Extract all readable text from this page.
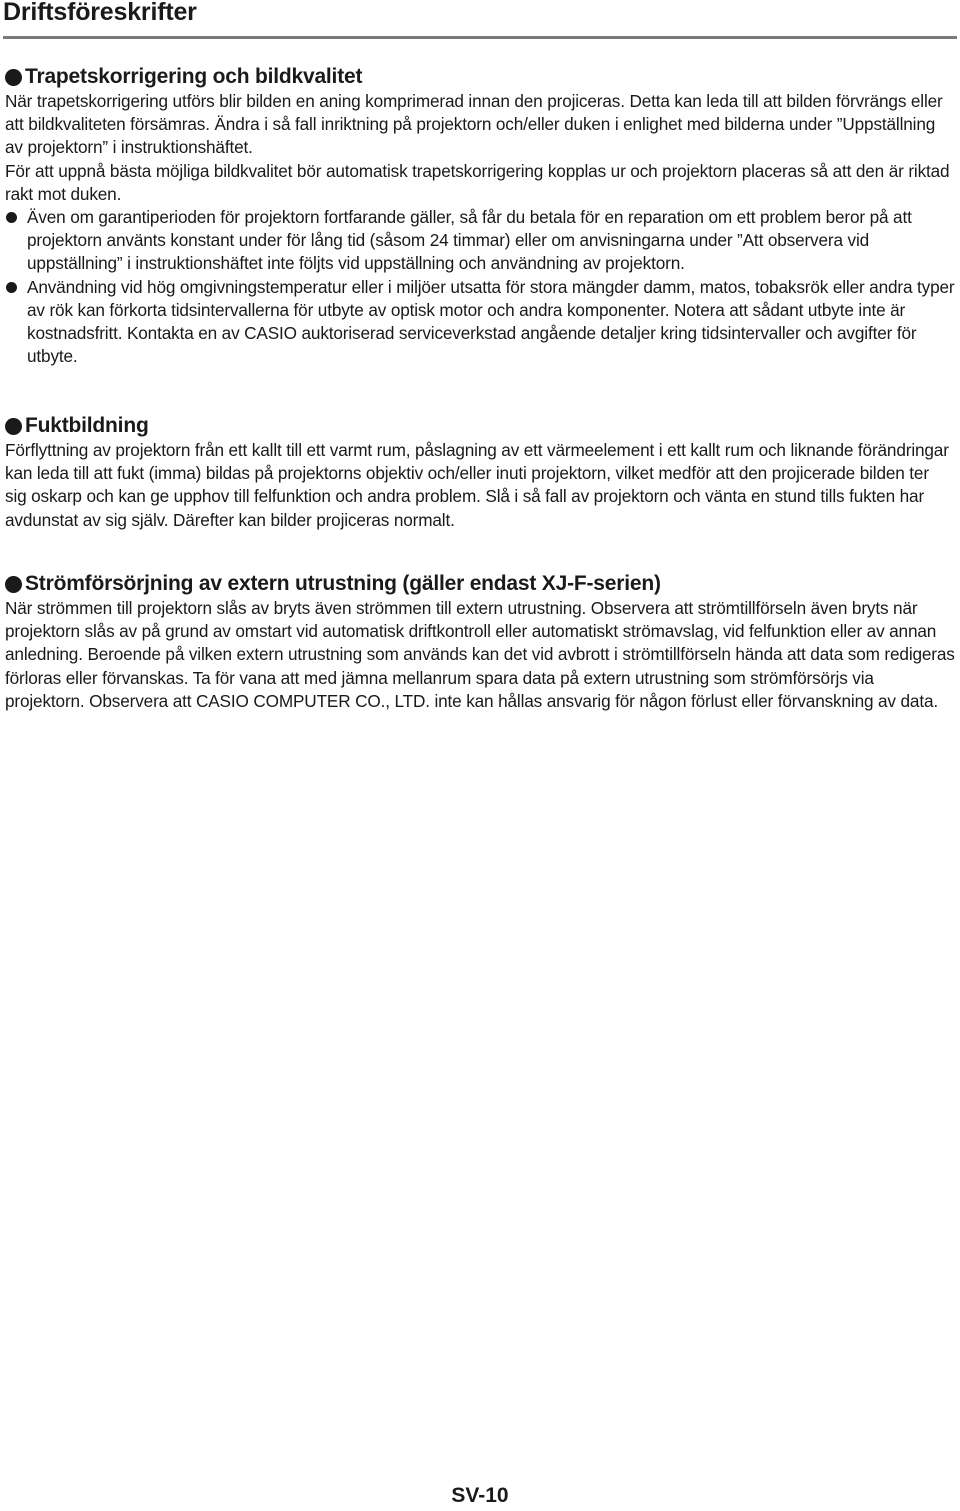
Driftsföreskrifter
Trapetskorrigering och bildkvalitet

När trapetskorrigering utförs blir bilden en aning komprimerad innan den projiceras. Detta kan leda till att bilden förvrängs eller att bildkvaliteten försämras. Ändra i så fall inriktning på projektorn och/eller duken i enlighet med bilderna under ”Uppställning av projektorn” i instruktionshäftet.

För att uppnå bästa möjliga bildkvalitet bör automatisk trapetskorrigering kopplas ur och projektorn placeras så att den är riktad rakt mot duken.

Även om garantiperioden för projektorn fortfarande gäller, så får du betala för en reparation om ett problem beror på att projektorn använts konstant under för lång tid (såsom 24 timmar) eller om anvisningarna under ”Att observera vid uppställning” i instruktionshäftet inte följts vid uppställning och användning av projektorn.
Användning vid hög omgivningstemperatur eller i miljöer utsatta för stora mängder damm, matos, tobaksrök eller andra typer av rök kan förkorta tidsintervallerna för utbyte av optisk motor och andra komponenter. Notera att sådant utbyte inte är kostnadsfritt. Kontakta en av CASIO auktoriserad serviceverkstad angående detaljer kring tidsintervaller och avgifter för utbyte.
Fuktbildning

Förflyttning av projektorn från ett kallt till ett varmt rum, påslagning av ett värmeelement i ett kallt rum och liknande förändringar kan leda till att fukt (imma) bildas på projektorns objektiv och/eller inuti projektorn, vilket medför att den projicerade bilden ter sig oskarp och kan ge upphov till felfunktion och andra problem. Slå i så fall av projektorn och vänta en stund tills fukten har avdunstat av sig själv. Därefter kan bilder projiceras normalt.

Strömförsörjning av extern utrustning (gäller endast XJ-F-serien)

När strömmen till projektorn slås av bryts även strömmen till extern utrustning. Observera att strömtillförseln även bryts när projektorn slås av på grund av omstart vid automatisk driftkontroll eller automatiskt strömavslag, vid felfunktion eller av annan anledning. Beroende på vilken extern utrustning som används kan det vid avbrott i strömtillförseln hända att data som redigeras förloras eller förvanskas. Ta för vana att med jämna mellanrum spara data på extern utrustning som strömförsörjs via projektorn. Observera att CASIO COMPUTER CO., LTD. inte kan hållas ansvarig för någon förlust eller förvanskning av data.

SV-10
